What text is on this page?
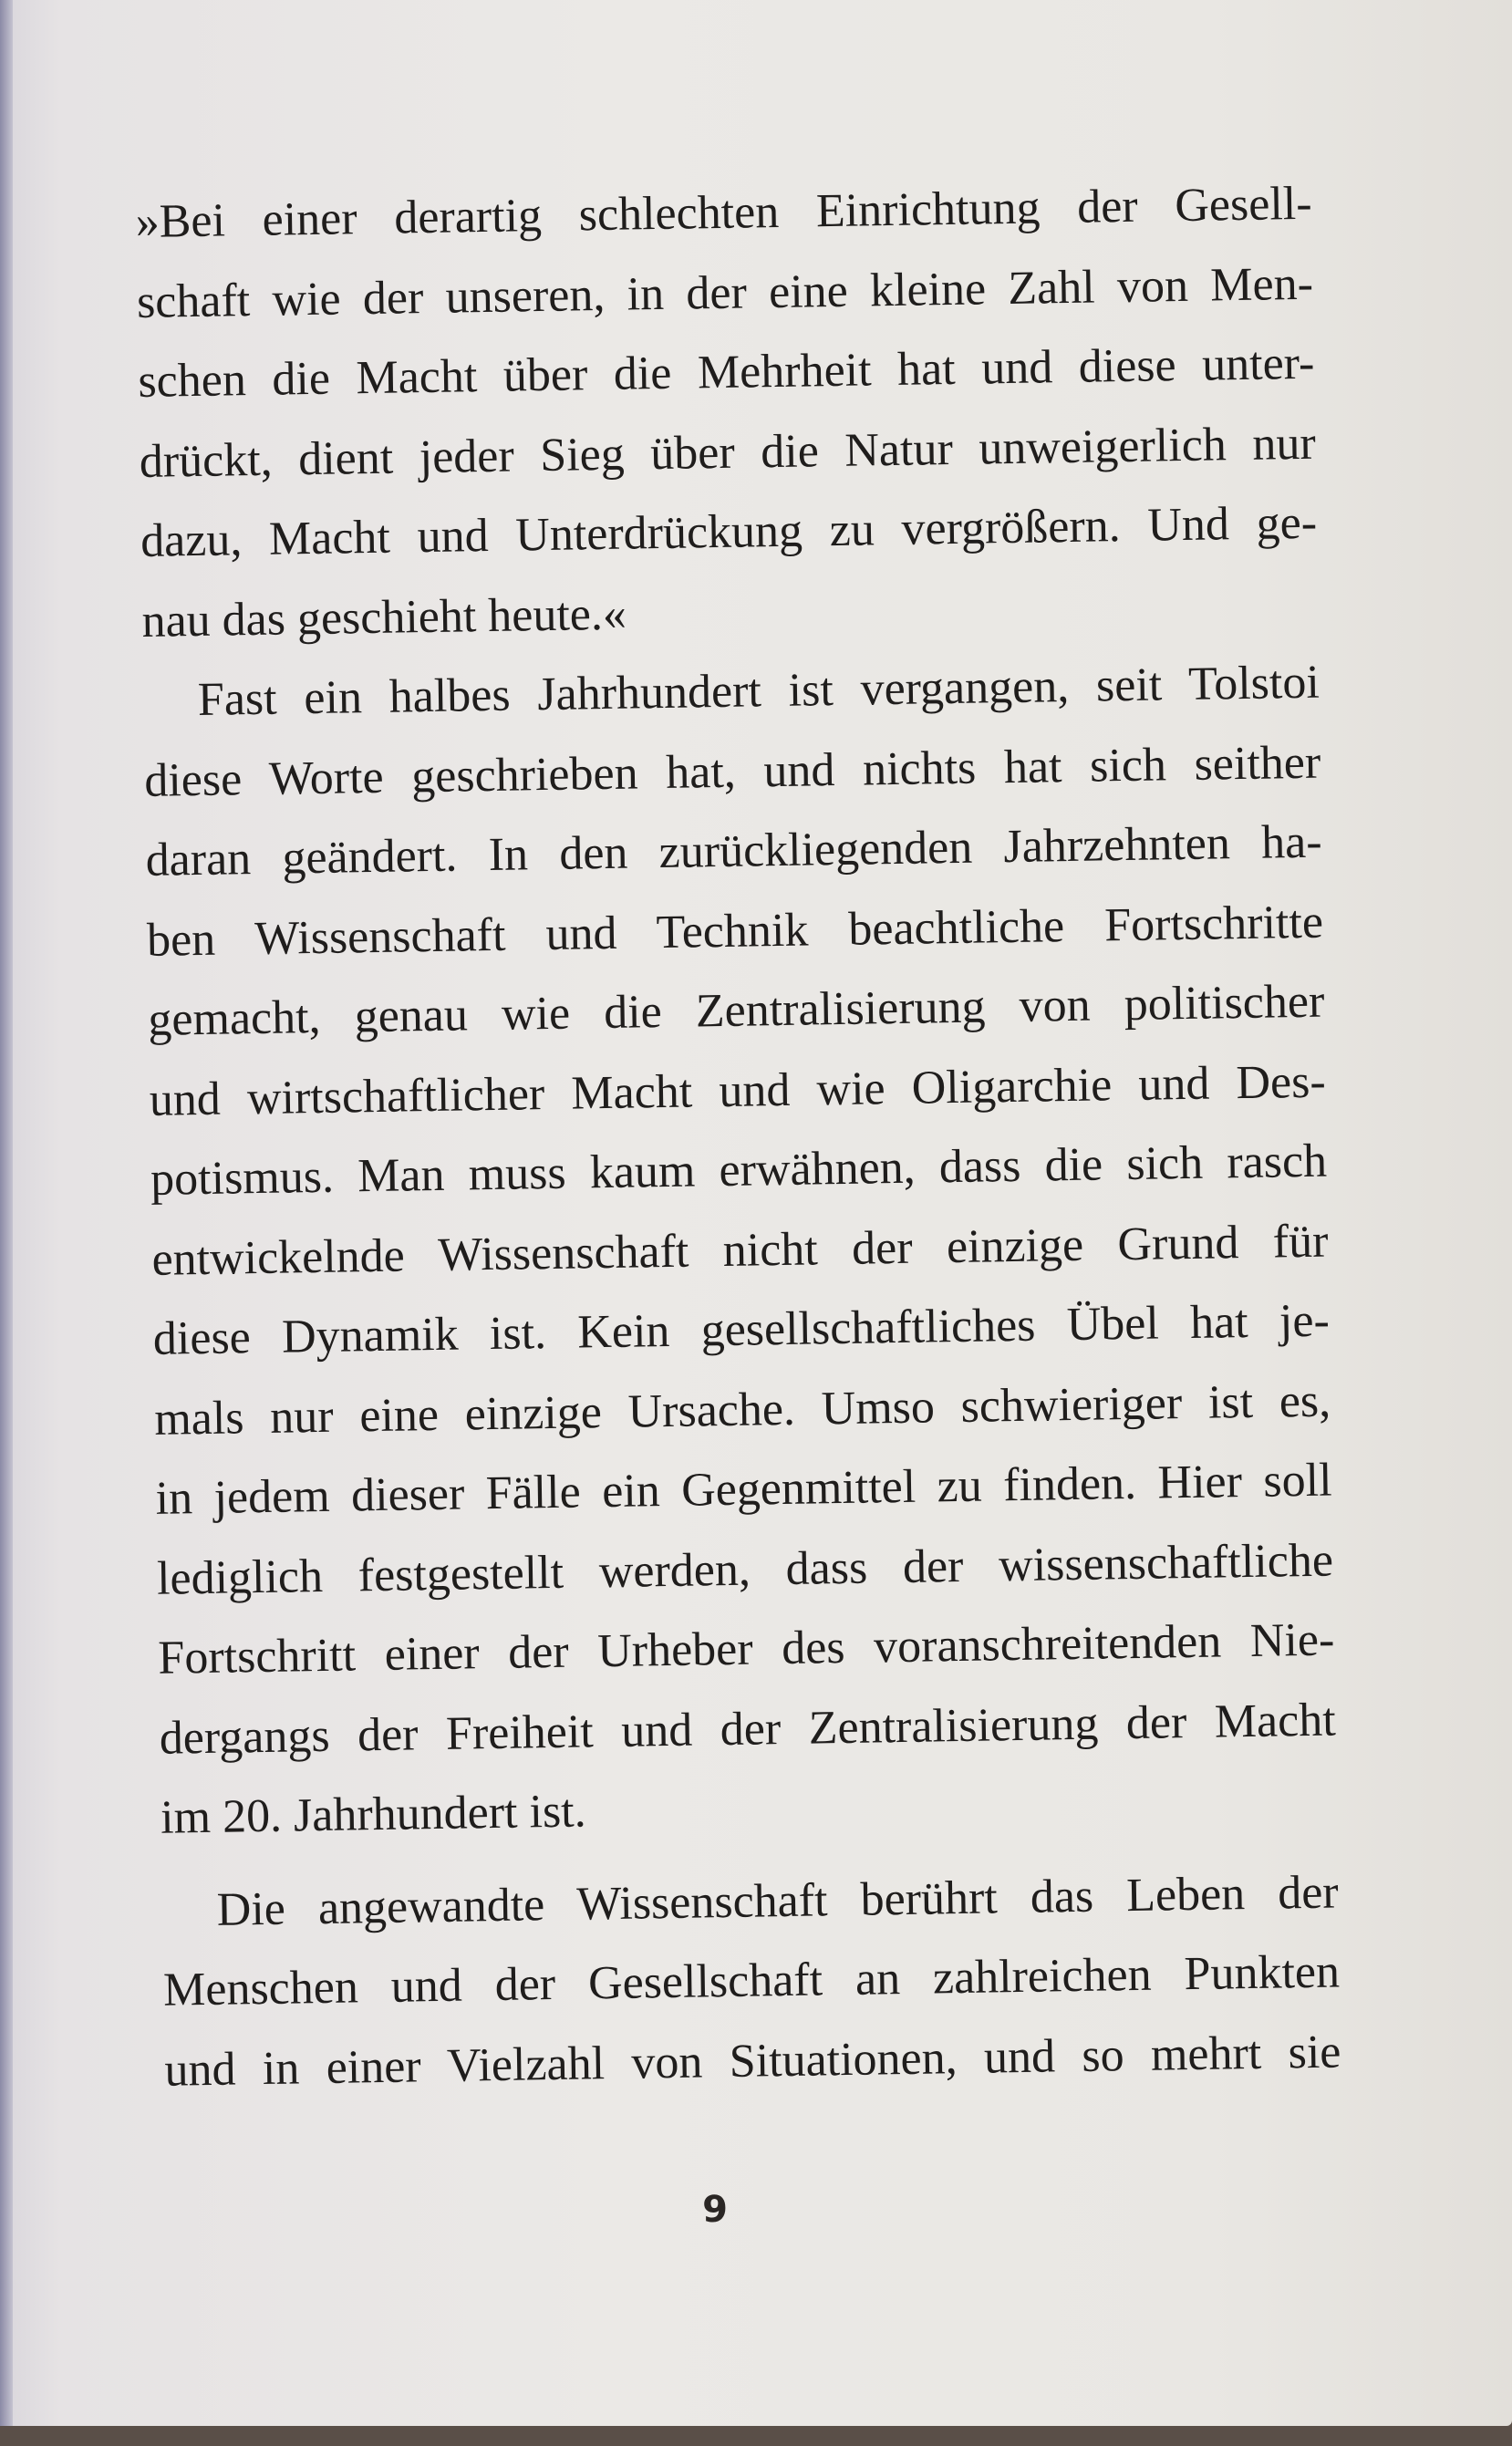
»Bei einer derartig schlechten Einrichtung der Gesell-
schaft wie der unseren, in der eine kleine Zahl von Men-
schen die Macht über die Mehrheit hat und diese unter-
drückt, dient jeder Sieg über die Natur unweigerlich nur
dazu, Macht und Unterdrückung zu vergrößern. Und ge-
nau das geschieht heute.«

Fast ein halbes Jahrhundert ist vergangen, seit Tolstoi
diese Worte geschrieben hat, und nichts hat sich seither
daran geändert. In den zurückliegenden Jahrzehnten ha-
ben Wissenschaft und Technik beachtliche Fortschritte
gemacht, genau wie die Zentralisierung von politischer
und wirtschaftlicher Macht und wie Oligarchie und Des-
potismus. Man muss kaum erwähnen, dass die sich rasch
entwickelnde Wissenschaft nicht der einzige Grund für
diese Dynamik ist. Kein gesellschaftliches Übel hat je-
mals nur eine einzige Ursache. Umso schwieriger ist es,
in jedem dieser Fälle ein Gegenmittel zu finden. Hier soll
lediglich festgestellt werden, dass der wissenschaftliche
Fortschritt einer der Urheber des voranschreitenden Nie-
dergangs der Freiheit und der Zentralisierung der Macht
im 20. Jahrhundert ist.

Die angewandte Wissenschaft berührt das Leben der
Menschen und der Gesellschaft an zahlreichen Punkten
und in einer Vielzahl von Situationen, und so mehrt sie

9
